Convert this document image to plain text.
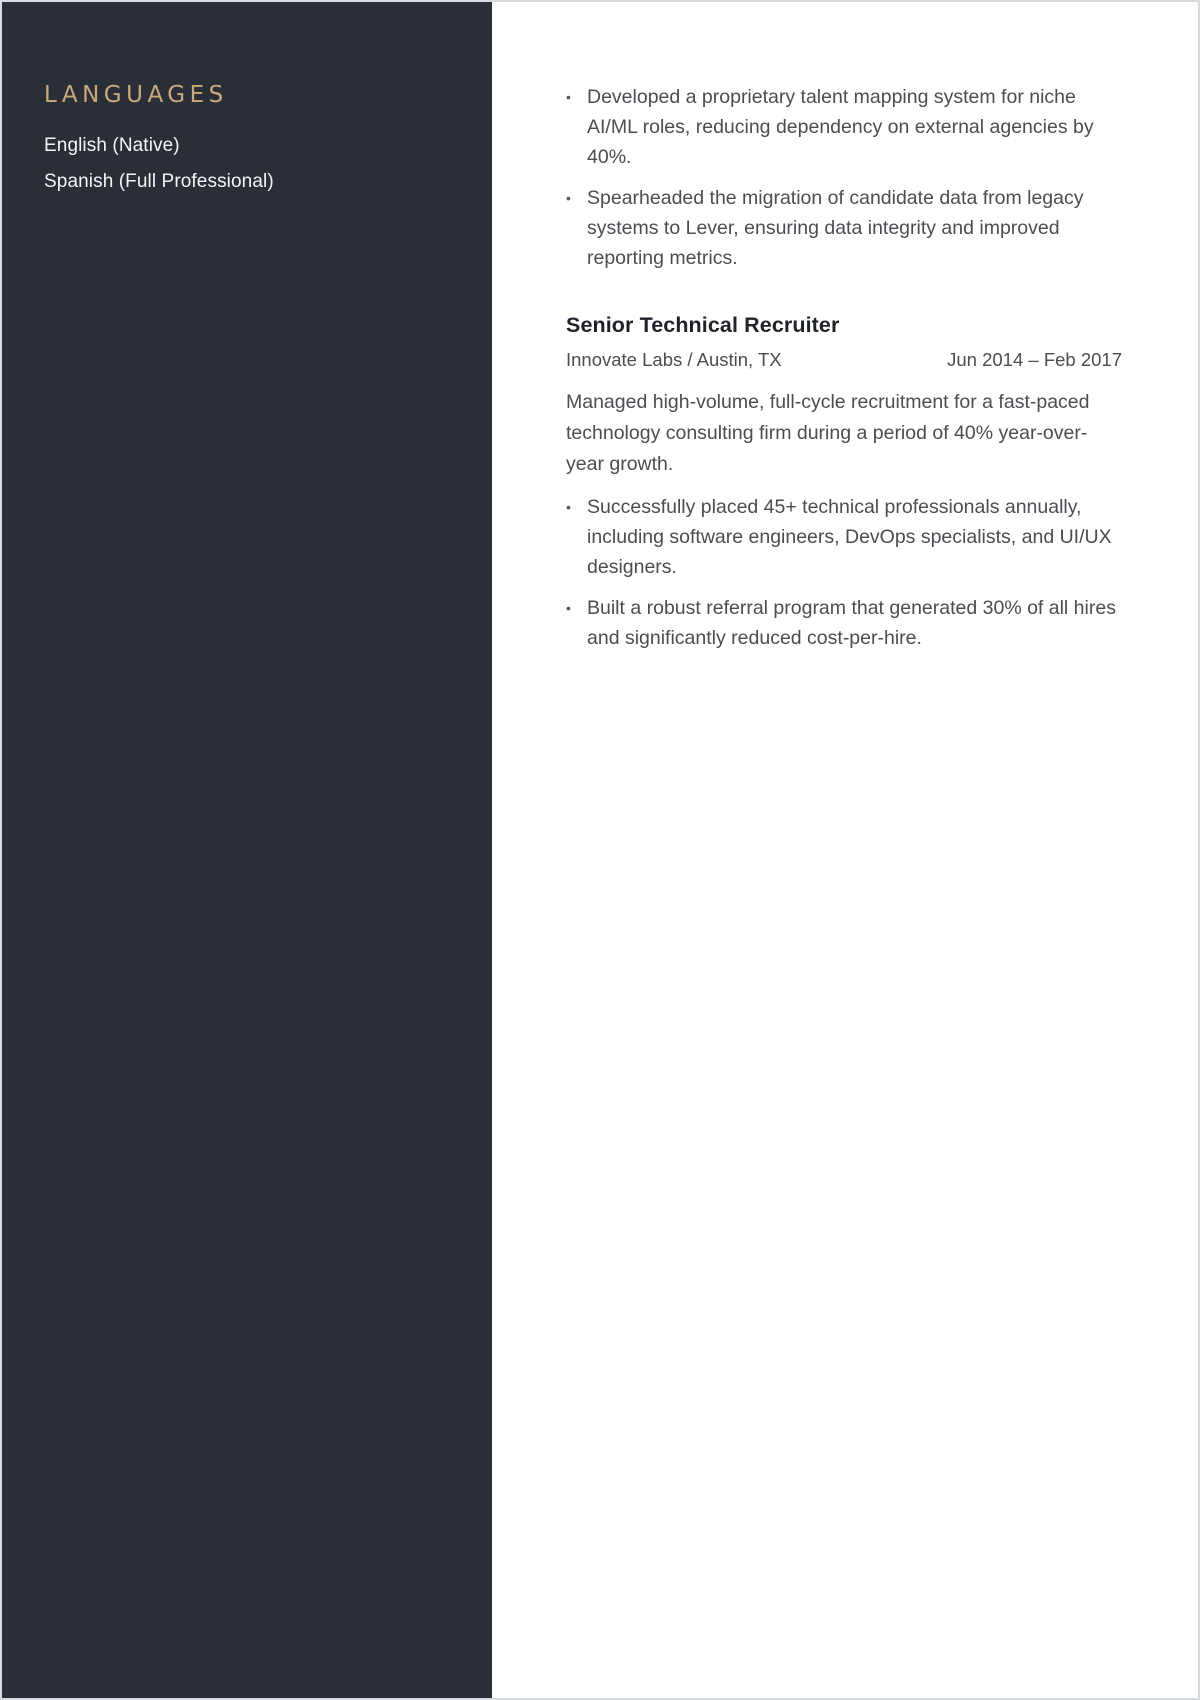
LANGUAGES
English (Native)
Spanish (Full Professional)
• Developed a proprietary talent mapping system for niche AI/ML roles, reducing dependency on external agencies by 40%.
• Spearheaded the migration of candidate data from legacy systems to Lever, ensuring data integrity and improved reporting metrics.
Senior Technical Recruiter
Innovate Labs / Austin, TX	Jun 2014 – Feb 2017

Managed high-volume, full-cycle recruitment for a fast-paced technology consulting firm during a period of 40% year-over-year growth.

• Successfully placed 45+ technical professionals annually, including software engineers, DevOps specialists, and UI/UX designers.
• Built a robust referral program that generated 30% of all hires and significantly reduced cost-per-hire.
